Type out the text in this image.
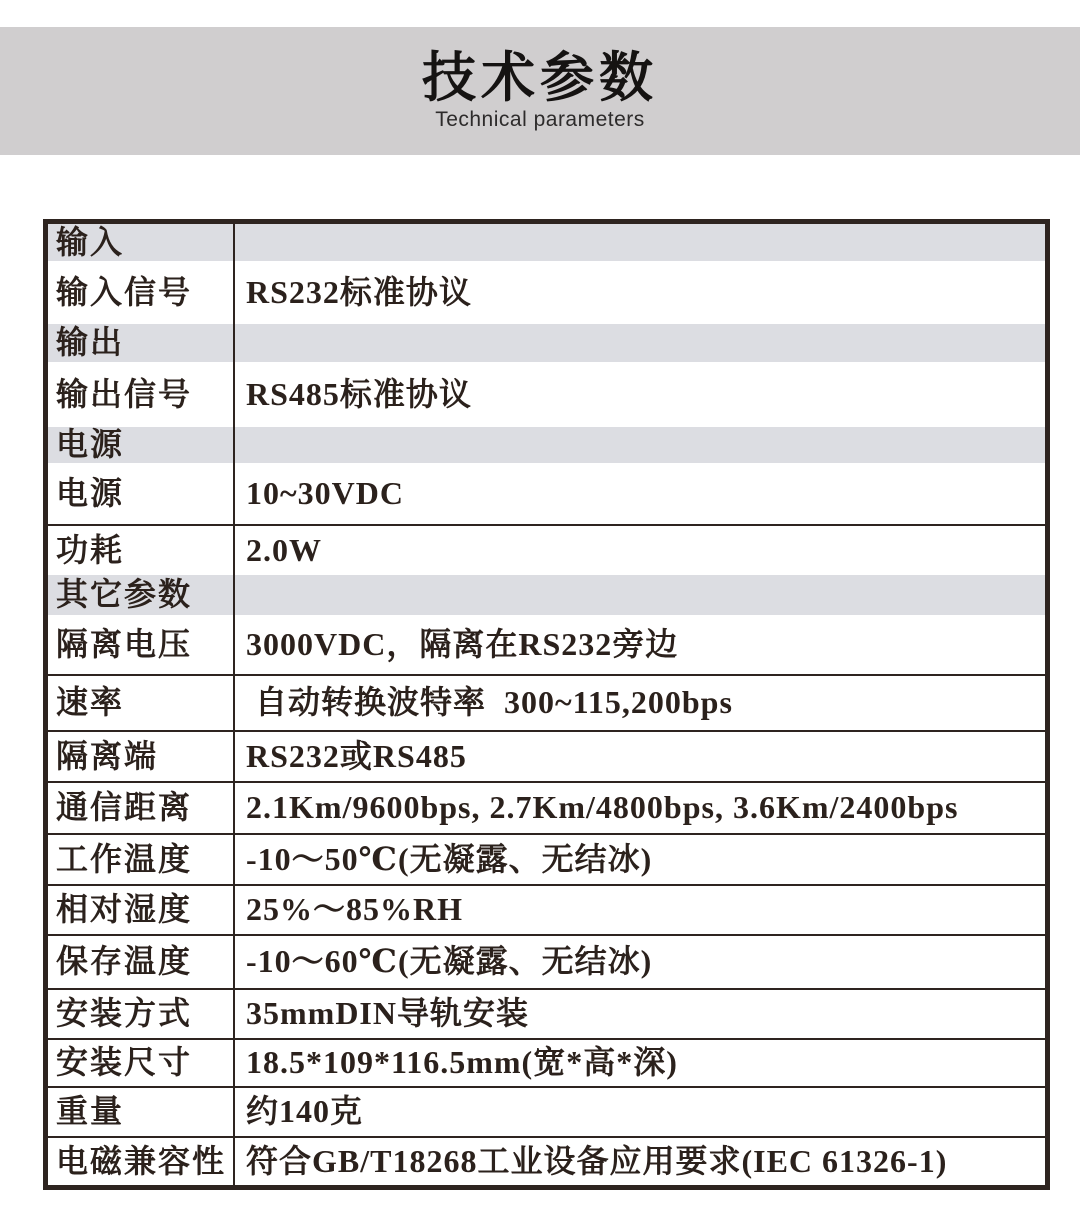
技术参数
Technical parameters
输入
输入信号	RS232标准协议
输出
输出信号	RS485标准协议
电源
电源	10~30VDC
功耗	2.0W
其它参数
隔离电压	3000VDC，隔离在RS232旁边
速率	自动转换波特率  300~115,200bps
隔离端	RS232或RS485
通信距离	2.1Km/9600bps, 2.7Km/4800bps, 3.6Km/2400bps
工作温度	-10～50℃(无凝露、无结冰)
相对湿度	25%～85%RH
保存温度	-10～60℃(无凝露、无结冰)
安装方式	35mmDIN导轨安装
安装尺寸	18.5*109*116.5mm(宽*高*深)
重量	约140克
电磁兼容性 符合GB/T18268工业设备应用要求(IEC 61326-1)
